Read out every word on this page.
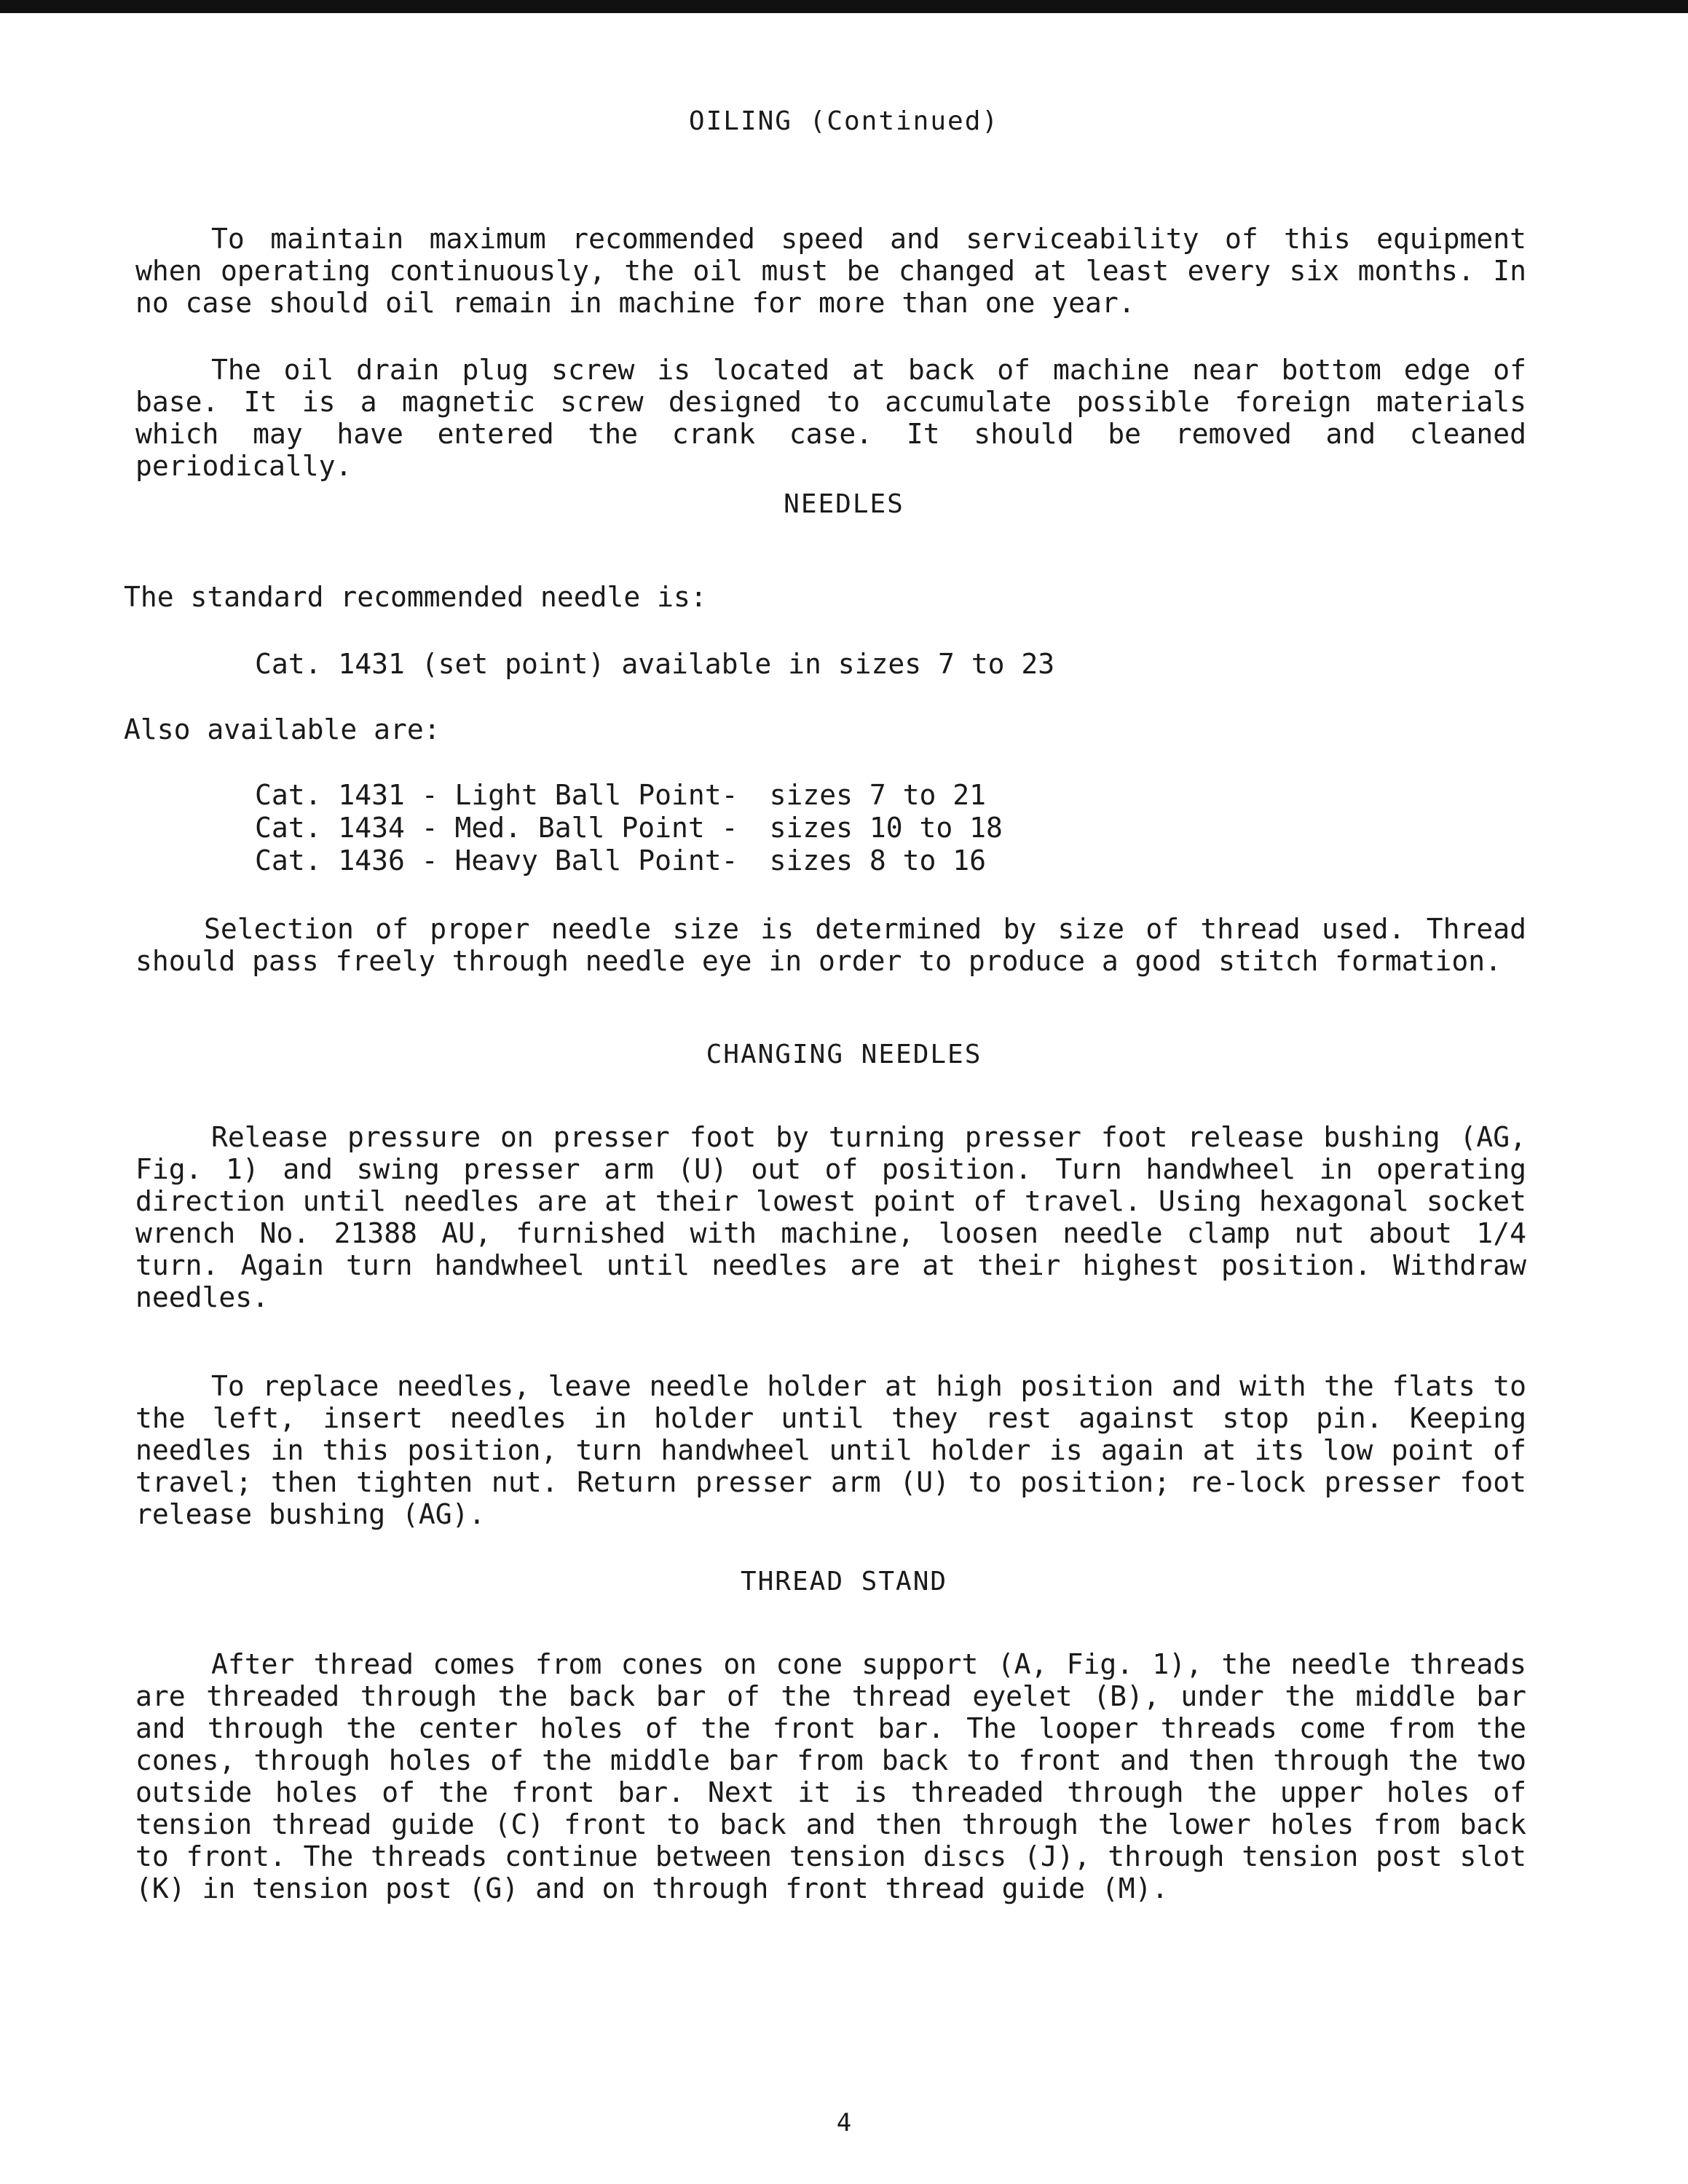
OILING (Continued)

To maintain maximum recommended speed and serviceability of this equipment when operating continuously, the oil must be changed at least every six months. In no case should oil remain in machine for more than one year.

The oil drain plug screw is located at back of machine near bottom edge of base. It is a magnetic screw designed to accumulate possible foreign materials which may have entered the crank case. It should be removed and cleaned periodically.

NEEDLES

The standard recommended needle is:

Cat. 1431 (set point) available in sizes 7 to 23

Also available are:

Cat. 1431 - Light Ball Point	-	sizes 7 to 21
Cat. 1434 - Med. Ball Point	-	sizes 10 to 18
Cat. 1436 - Heavy Ball Point	-	sizes 8 to 16

Selection of proper needle size is determined by size of thread used. Thread should pass freely through needle eye in order to produce a good stitch formation.

CHANGING NEEDLES

Release pressure on presser foot by turning presser foot release bushing (AG, Fig. 1) and swing presser arm (U) out of position. Turn handwheel in operating direction until needles are at their lowest point of travel. Using hexagonal socket wrench No. 21388 AU, furnished with machine, loosen needle clamp nut about 1/4 turn. Again turn handwheel until needles are at their highest position. Withdraw needles.

To replace needles, leave needle holder at high position and with the flats to the left, insert needles in holder until they rest against stop pin. Keeping needles in this position, turn handwheel until holder is again at its low point of travel; then tighten nut. Return presser arm (U) to position; re-lock presser foot release bushing (AG).

THREAD STAND

After thread comes from cones on cone support (A, Fig. 1), the needle threads are threaded through the back bar of the thread eyelet (B), under the middle bar and through the center holes of the front bar. The looper threads come from the cones, through holes of the middle bar from back to front and then through the two outside holes of the front bar. Next it is threaded through the upper holes of tension thread guide (C) front to back and then through the lower holes from back to front. The threads continue between tension discs (J), through tension post slot (K) in tension post (G) and on through front thread guide (M).

4
